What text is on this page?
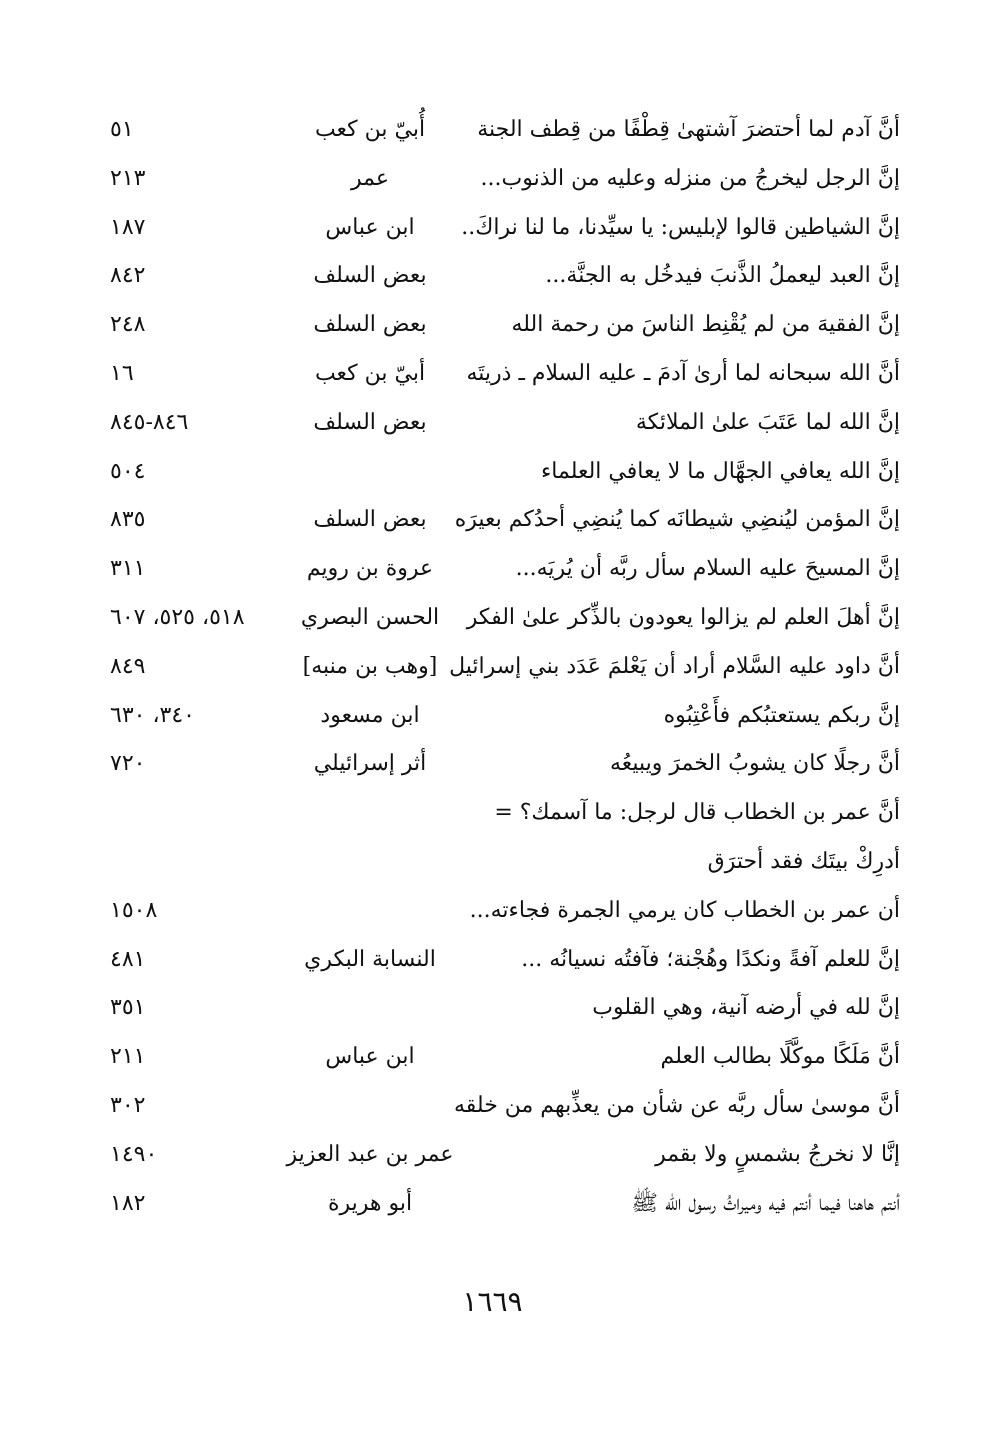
أنَّ آدم لما أحتضرَ آشتهىٰ قِطْفًا من قِطف الجنة
أُبيّ بن كعب
٥١
إنَّ الرجل ليخرجُ من منزله وعليه من الذنوب...
عمر
٢١٣
إنَّ الشياطين قالوا لإبليس: يا سيِّدنا، ما لنا نراكَ..
ابن عباس
١٨٧
إنَّ العبد ليعملُ الذَّنبَ فيدخُل به الجنَّة...
بعض السلف
٨٤٢
إنَّ الفقيهَ من لم يُقْنِط الناسَ من رحمة الله
بعض السلف
٢٤٨
أنَّ الله سبحانه لما أرىٰ آدمَ ـ عليه السلام ـ ذريتَه
أبيّ بن كعب
١٦
إنَّ الله لما عَتَبَ علىٰ الملائكة
بعض السلف
٨٤٦-٨٤٥
إنَّ الله يعافي الجهَّال ما لا يعافي العلماء
٥٠٤
إنَّ المؤمن ليُنضِي شيطانَه كما يُنضِي أحدُكم بعيرَه
بعض السلف
٨٣٥
إنَّ المسيحَ عليه السلام سأل ربَّه أن يُريَه...
عروة بن رويم
٣١١
إنَّ أهلَ العلم لم يزالوا يعودون بالذِّكر علىٰ الفكر
الحسن البصري
٥١٨، ٥٢٥، ٦٠٧
أنَّ داود عليه السَّلام أراد أن يَعْلمَ عَدَد بني إسرائيل
[وهب بن منبه]
٨٤٩
إنَّ ربكم يستعتبُكم فأَعْتِبُوه
ابن مسعود
٣٤٠، ٦٣٠
أنَّ رجلًا كان يشوبُ الخمرَ ويبيعُه
أثر إسرائيلي
٧٢٠
أنَّ عمر بن الخطاب قال لرجل: ما آسمك؟ =
أدرِكْ بيتَك فقد أحترَق
أن عمر بن الخطاب كان يرمي الجمرة فجاءته...
١٥٠٨
إنَّ للعلم آفةً ونكدًا وهُجْنة؛ فآفتُه نسيانُه ...
النسابة البكري
٤٨١
إنَّ لله في أرضه آنية، وهي القلوب
٣٥١
أنَّ مَلَكًا موكَّلًا بطالب العلم
ابن عباس
٢١١
أنَّ موسىٰ سأل ربَّه عن شأن من يعذِّبهم من خلقه
٣٠٢
إنَّا لا نخرجُ بشمسٍ ولا بقمر
عمر بن عبد العزيز
١٤٩٠
أنتم هاهنا فيما أنتم فيه وميراثُ رسول الله ﷺ
أبو هريرة
١٨٢
١٦٦٩
